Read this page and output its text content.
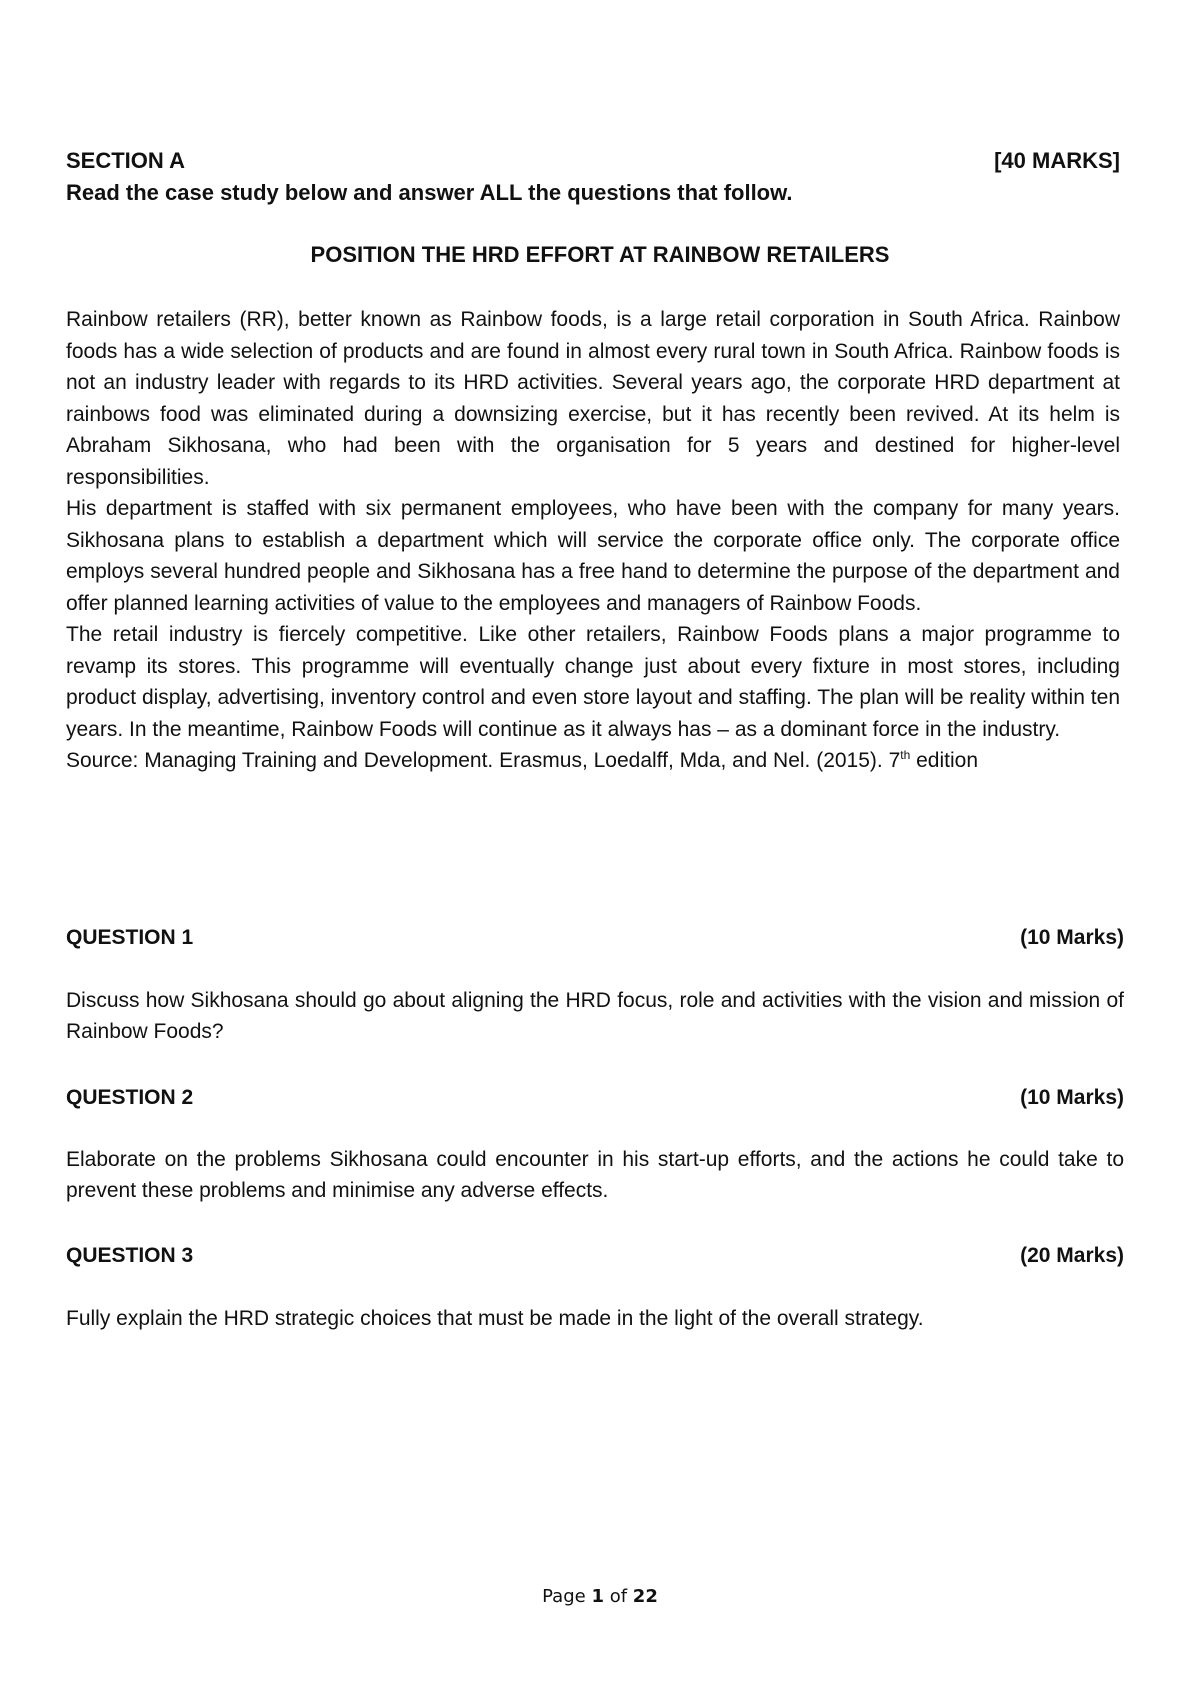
SECTION A	[40 MARKS]
Read the case study below and answer ALL the questions that follow.
POSITION THE HRD EFFORT AT RAINBOW RETAILERS

Rainbow retailers (RR), better known as Rainbow foods, is a large retail corporation in South Africa. Rainbow foods has a wide selection of products and are found in almost every rural town in South Africa. Rainbow foods is not an industry leader with regards to its HRD activities. Several years ago, the corporate HRD department at rainbows food was eliminated during a downsizing exercise, but it has recently been revived. At its helm is Abraham Sikhosana, who had been with the organisation for 5 years and destined for higher-level responsibilities.

His department is staffed with six permanent employees, who have been with the company for many years. Sikhosana plans to establish a department which will service the corporate office only. The corporate office employs several hundred people and Sikhosana has a free hand to determine the purpose of the department and offer planned learning activities of value to the employees and managers of Rainbow Foods.

The retail industry is fiercely competitive. Like other retailers, Rainbow Foods plans a major programme to revamp its stores. This programme will eventually change just about every fixture in most stores, including product display, advertising, inventory control and even store layout and staffing. The plan will be reality within ten years. In the meantime, Rainbow Foods will continue as it always has – as a dominant force in the industry.

Source: Managing Training and Development. Erasmus, Loedalff, Mda, and Nel. (2015). 7th edition
QUESTION 1	(10 Marks)

Discuss how Sikhosana should go about aligning the HRD focus, role and activities with the vision and mission of Rainbow Foods?

QUESTION 2	(10 Marks)

Elaborate on the problems Sikhosana could encounter in his start-up efforts, and the actions he could take to prevent these problems and minimise any adverse effects.

QUESTION 3	(20 Marks)

Fully explain the HRD strategic choices that must be made in the light of the overall strategy.

Page 1 of 22
